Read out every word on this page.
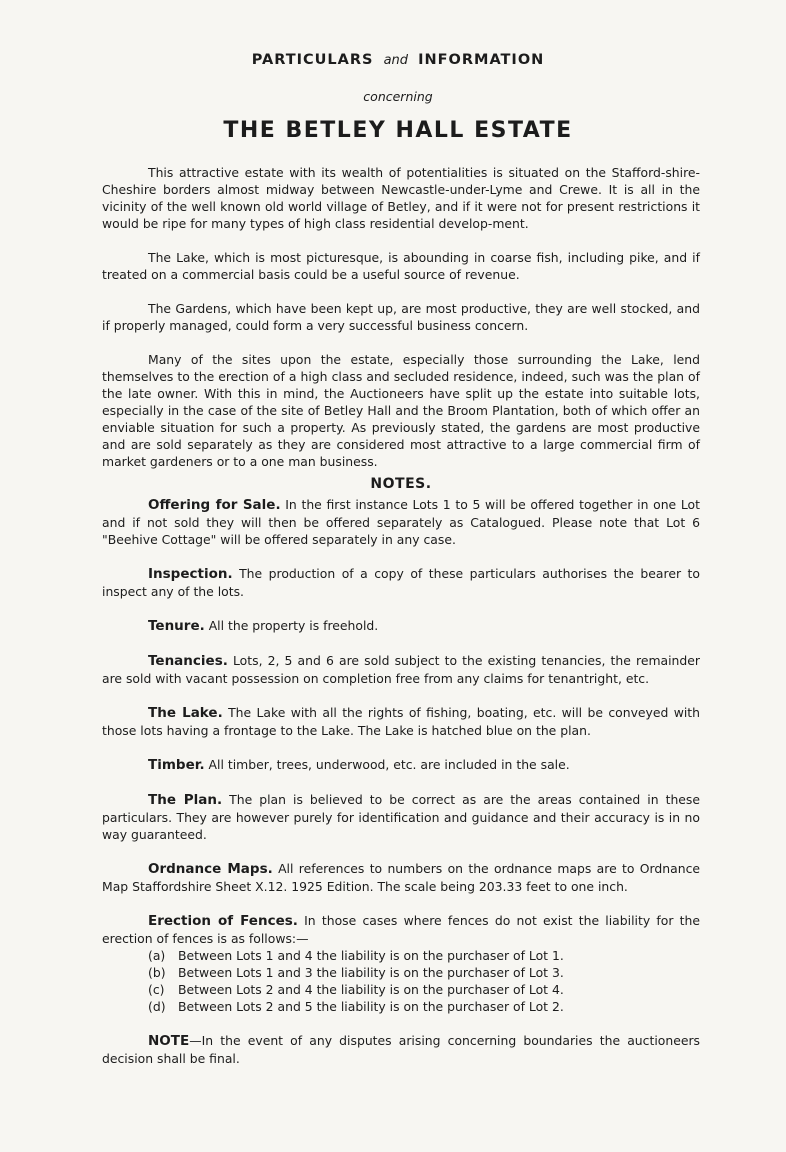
PARTICULARS and INFORMATION
concerning
THE BETLEY HALL ESTATE

This attractive estate with its wealth of potentialities is situated on the Stafford-shire-Cheshire borders almost midway between Newcastle-under-Lyme and Crewe. It is all in the vicinity of the well known old world village of Betley, and if it were not for present restrictions it would be ripe for many types of high class residential develop-ment.

The Lake, which is most picturesque, is abounding in coarse fish, including pike, and if treated on a commercial basis could be a useful source of revenue.

The Gardens, which have been kept up, are most productive, they are well stocked, and if properly managed, could form a very successful business concern.

Many of the sites upon the estate, especially those surrounding the Lake, lend themselves to the erection of a high class and secluded residence, indeed, such was the plan of the late owner. With this in mind, the Auctioneers have split up the estate into suitable lots, especially in the case of the site of Betley Hall and the Broom Plantation, both of which offer an enviable situation for such a property. As previously stated, the gardens are most productive and are sold separately as they are considered most attractive to a large commercial firm of market gardeners or to a one man business.

NOTES.

Offering for Sale. In the first instance Lots 1 to 5 will be offered together in one Lot and if not sold they will then be offered separately as Catalogued. Please note that Lot 6 "Beehive Cottage" will be offered separately in any case.

Inspection. The production of a copy of these particulars authorises the bearer to inspect any of the lots.

Tenure. All the property is freehold.

Tenancies. Lots, 2, 5 and 6 are sold subject to the existing tenancies, the remainder are sold with vacant possession on completion free from any claims for tenantright, etc.

The Lake. The Lake with all the rights of fishing, boating, etc. will be conveyed with those lots having a frontage to the Lake. The Lake is hatched blue on the plan.

Timber. All timber, trees, underwood, etc. are included in the sale.

The Plan. The plan is believed to be correct as are the areas contained in these particulars. They are however purely for identification and guidance and their accuracy is in no way guaranteed.

Ordnance Maps. All references to numbers on the ordnance maps are to Ordnance Map Staffordshire Sheet X.12. 1925 Edition. The scale being 203.33 feet to one inch.

Erection of Fences. In those cases where fences do not exist the liability for the erection of fences is as follows:—

(a)	Between Lots 1 and 4 the liability is on the purchaser of Lot 1.
(b)	Between Lots 1 and 3 the liability is on the purchaser of Lot 3.
(c)	Between Lots 2 and 4 the liability is on the purchaser of Lot 4.
(d)	Between Lots 2 and 5 the liability is on the purchaser of Lot 2.

NOTE—In the event of any disputes arising concerning boundaries the auctioneers decision shall be final.
